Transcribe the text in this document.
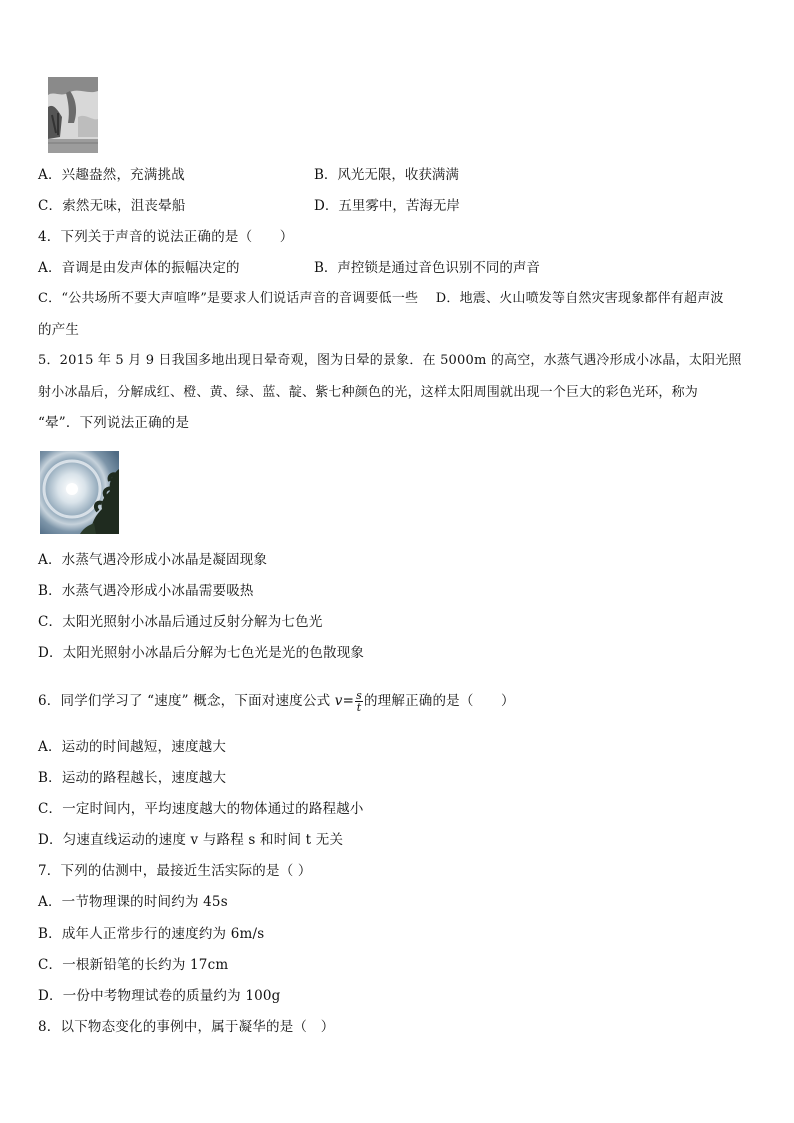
A．兴趣盎然，充满挑战	B．风光无限，收获满满
C．索然无味，沮丧晕船	D．五里雾中，苦海无岸
4．下列关于声音的说法正确的是（　　）
A．音调是由发声体的振幅决定的	B．声控锁是通过音色识别不同的声音
C．“公共场所不要大声喧哗”是要求人们说话声音的音调要低一些　 D．地震、火山喷发等自然灾害现象都伴有超声波
的产生
5．2015 年 5 月 9 日我国多地出现日晕奇观，图为日晕的景象．在 5000m 的高空，水蒸气遇冷形成小冰晶，太阳光照
射小冰晶后，分解成红、橙、黄、绿、蓝、靛、紫七种颜色的光，这样太阳周围就出现一个巨大的彩色光环，称为
“晕”．下列说法正确的是
A．水蒸气遇冷形成小冰晶是凝固现象
B．水蒸气遇冷形成小冰晶需要吸热
C．太阳光照射小冰晶后通过反射分解为七色光
D．太阳光照射小冰晶后分解为七色光是光的色散现象
6．同学们学习了 “速度” 概念，下面对速度公式 $v= \frac{s}{t}$ 的理解正确的是（　　）
A．运动的时间越短，速度越大
B．运动的路程越长，速度越大
C．一定时间内，平均速度越大的物体通过的路程越小
D．匀速直线运动的速度 v 与路程 s 和时间 t 无关
7．下列的估测中，最接近生活实际的是（ ）
A．一节物理课的时间约为 45s
B．成年人正常步行的速度约为 6m/s
C．一根新铅笔的长约为 17cm
D．一份中考物理试卷的质量约为 100g
8．以下物态变化的事例中，属于凝华的是（　）
